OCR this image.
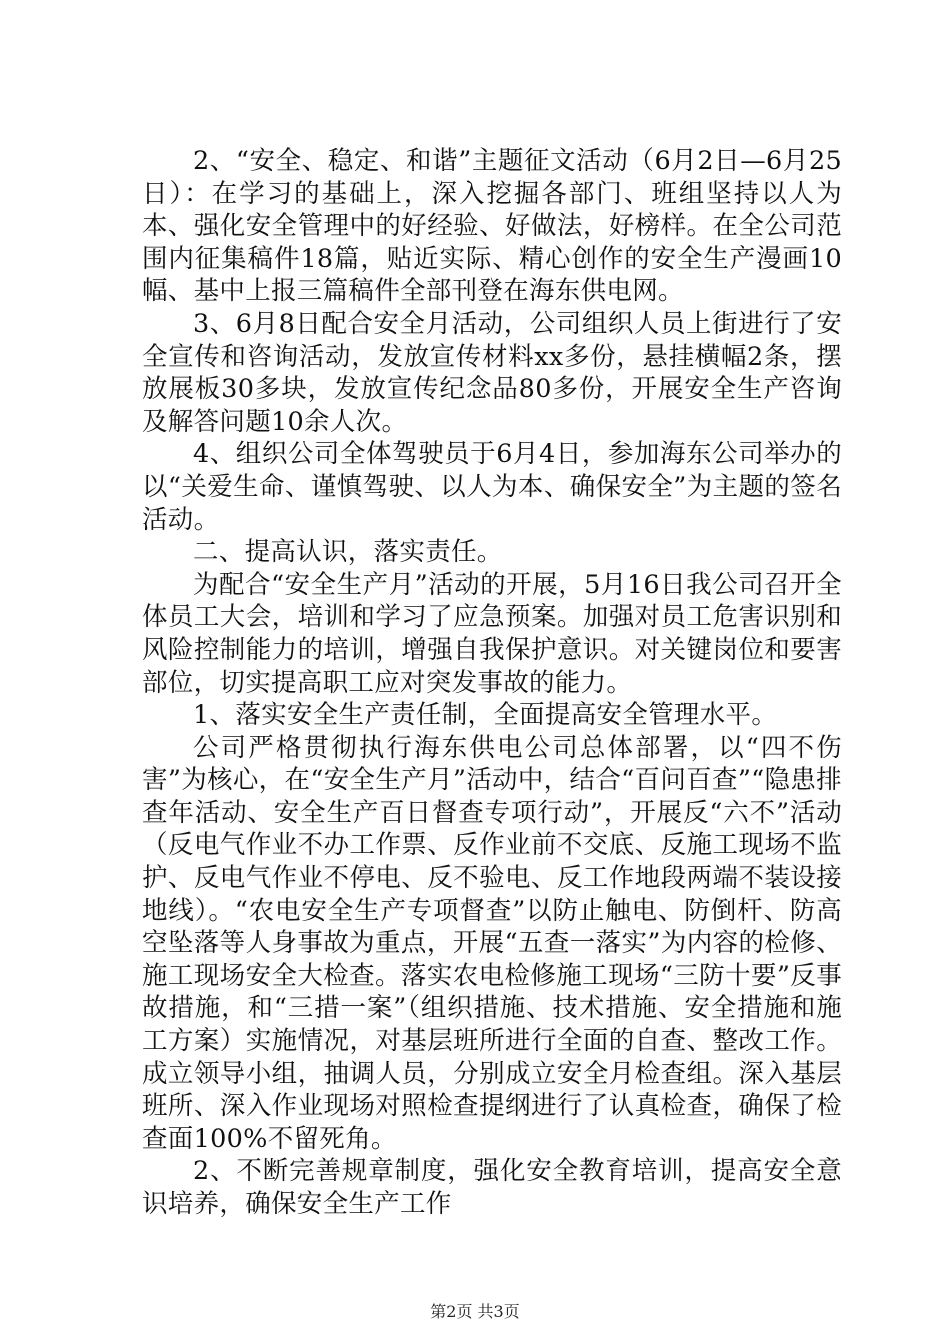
2、“安全、稳定、和谐”主题征文活动（6月2日—6月25日）：在学习的基础上，深入挖掘各部门、班组坚持以人为本、强化安全管理中的好经验、好做法，好榜样。在全公司范围内征集稿件18篇，贴近实际、精心创作的安全生产漫画10幅、基中上报三篇稿件全部刊登在海东供电网。

3、6月8日配合安全月活动，公司组织人员上街进行了安全宣传和咨询活动，发放宣传材料xx多份，悬挂横幅2条，摆放展板30多块，发放宣传纪念品80多份，开展安全生产咨询及解答问题10余人次。

4、组织公司全体驾驶员于6月4日，参加海东公司举办的以“关爱生命、谨慎驾驶、以人为本、确保安全”为主题的签名活动。

二、提高认识，落实责任。

为配合“安全生产月”活动的开展，5月16日我公司召开全体员工大会，培训和学习了应急预案。加强对员工危害识别和风险控制能力的培训，增强自我保护意识。对关键岗位和要害部位，切实提高职工应对突发事故的能力。

1、落实安全生产责任制，全面提高安全管理水平。

公司严格贯彻执行海东供电公司总体部署，以“四不伤害”为核心，在“安全生产月”活动中，结合“百问百查”“隐患排查年活动、安全生产百日督查专项行动”，开展反“六不”活动（反电气作业不办工作票、反作业前不交底、反施工现场不监护、反电气作业不停电、反不验电、反工作地段两端不装设接地线）。“农电安全生产专项督查”以防止触电、防倒杆、防高空坠落等人身事故为重点，开展“五查一落实”为内容的检修、施工现场安全大检查。落实农电检修施工现场“三防十要”反事故措施，和“三措一案”（组织措施、技术措施、安全措施和施工方案）实施情况，对基层班所进行全面的自查、整改工作。成立领导小组，抽调人员，分别成立安全月检查组。深入基层班所、深入作业现场对照检查提纲进行了认真检查，确保了检查面100%不留死角。

2、不断完善规章制度，强化安全教育培训，提高安全意识培养，确保安全生产工作

第2页 共3页
